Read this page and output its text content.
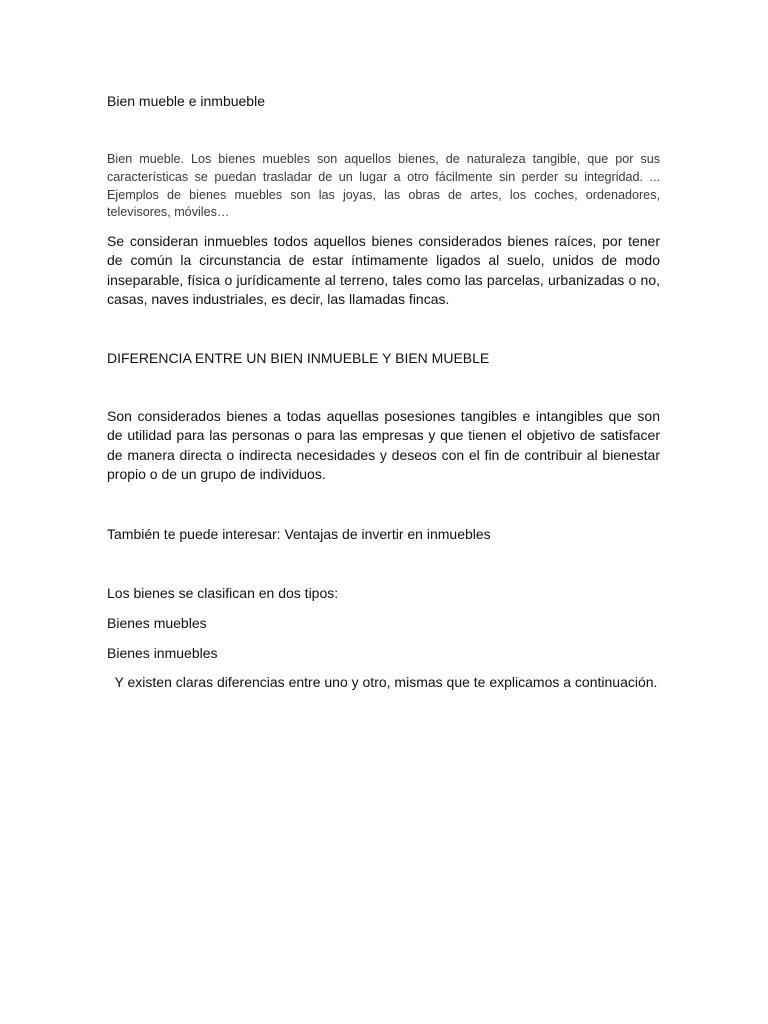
Bien mueble e inmbueble

Bien mueble. Los bienes muebles son aquellos bienes, de naturaleza tangible, que por sus características se puedan trasladar de un lugar a otro fácilmente sin perder su integridad. ... Ejemplos de bienes muebles son las joyas, las obras de artes, los coches, ordenadores, televisores, móviles…

Se consideran inmuebles todos aquellos bienes considerados bienes raíces, por tener de común la circunstancia de estar íntimamente ligados al suelo, unidos de modo inseparable, física o jurídicamente al terreno, tales como las parcelas, urbanizadas o no, casas, naves industriales, es decir, las llamadas fincas.

DIFERENCIA ENTRE UN BIEN INMUEBLE Y BIEN MUEBLE

Son considerados bienes a todas aquellas posesiones tangibles e intangibles que son de utilidad para las personas o para las empresas y que tienen el objetivo de satisfacer de manera directa o indirecta necesidades y deseos con el fin de contribuir al bienestar propio o de un grupo de individuos.

También te puede interesar: Ventajas de invertir en inmuebles

Los bienes se clasifican en dos tipos:

Bienes muebles

Bienes inmuebles

Y existen claras diferencias entre uno y otro, mismas que te explicamos a continuación.
